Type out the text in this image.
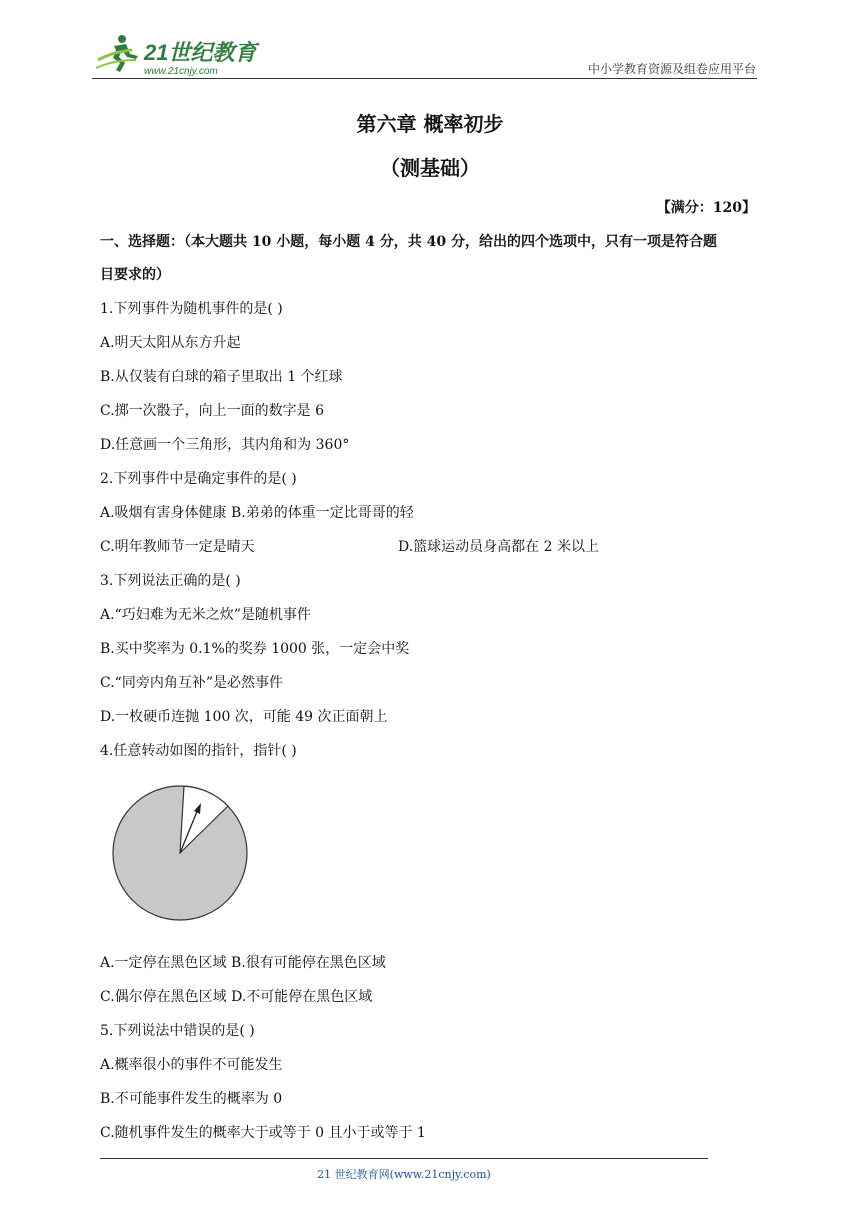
21世纪教育
www.21cnjy.com	中小学教育资源及组卷应用平台
第六章 概率初步
（测基础）
【满分：120】
一、选择题：（本大题共 10 小题，每小题 4 分，共 40 分，给出的四个选项中，只有一项是符合题
目要求的）
1.下列事件为随机事件的是( )
A.明天太阳从东方升起
B.从仅装有白球的箱子里取出 1 个红球
C.掷一次骰子，向上一面的数字是 6
D.任意画一个三角形，其内角和为 360°
2.下列事件中是确定事件的是( )
A.吸烟有害身体健康 B.弟弟的体重一定比哥哥的轻
C.明年教师节一定是晴天	D.篮球运动员身高都在 2 米以上
3.下列说法正确的是( )
A.“巧妇难为无米之炊”是随机事件
B.买中奖率为 0.1%的奖券 1000 张，一定会中奖
C.“同旁内角互补”是必然事件
D.一枚硬币连抛 100 次，可能 49 次正面朝上
4.任意转动如图的指针，指针( )
A.一定停在黑色区域 B.很有可能停在黑色区域
C.偶尔停在黑色区域 D.不可能停在黑色区域
5.下列说法中错误的是( )
A.概率很小的事件不可能发生
B.不可能事件发生的概率为 0
C.随机事件发生的概率大于或等于 0 且小于或等于 1
21 世纪教育网(www.21cnjy.com)
